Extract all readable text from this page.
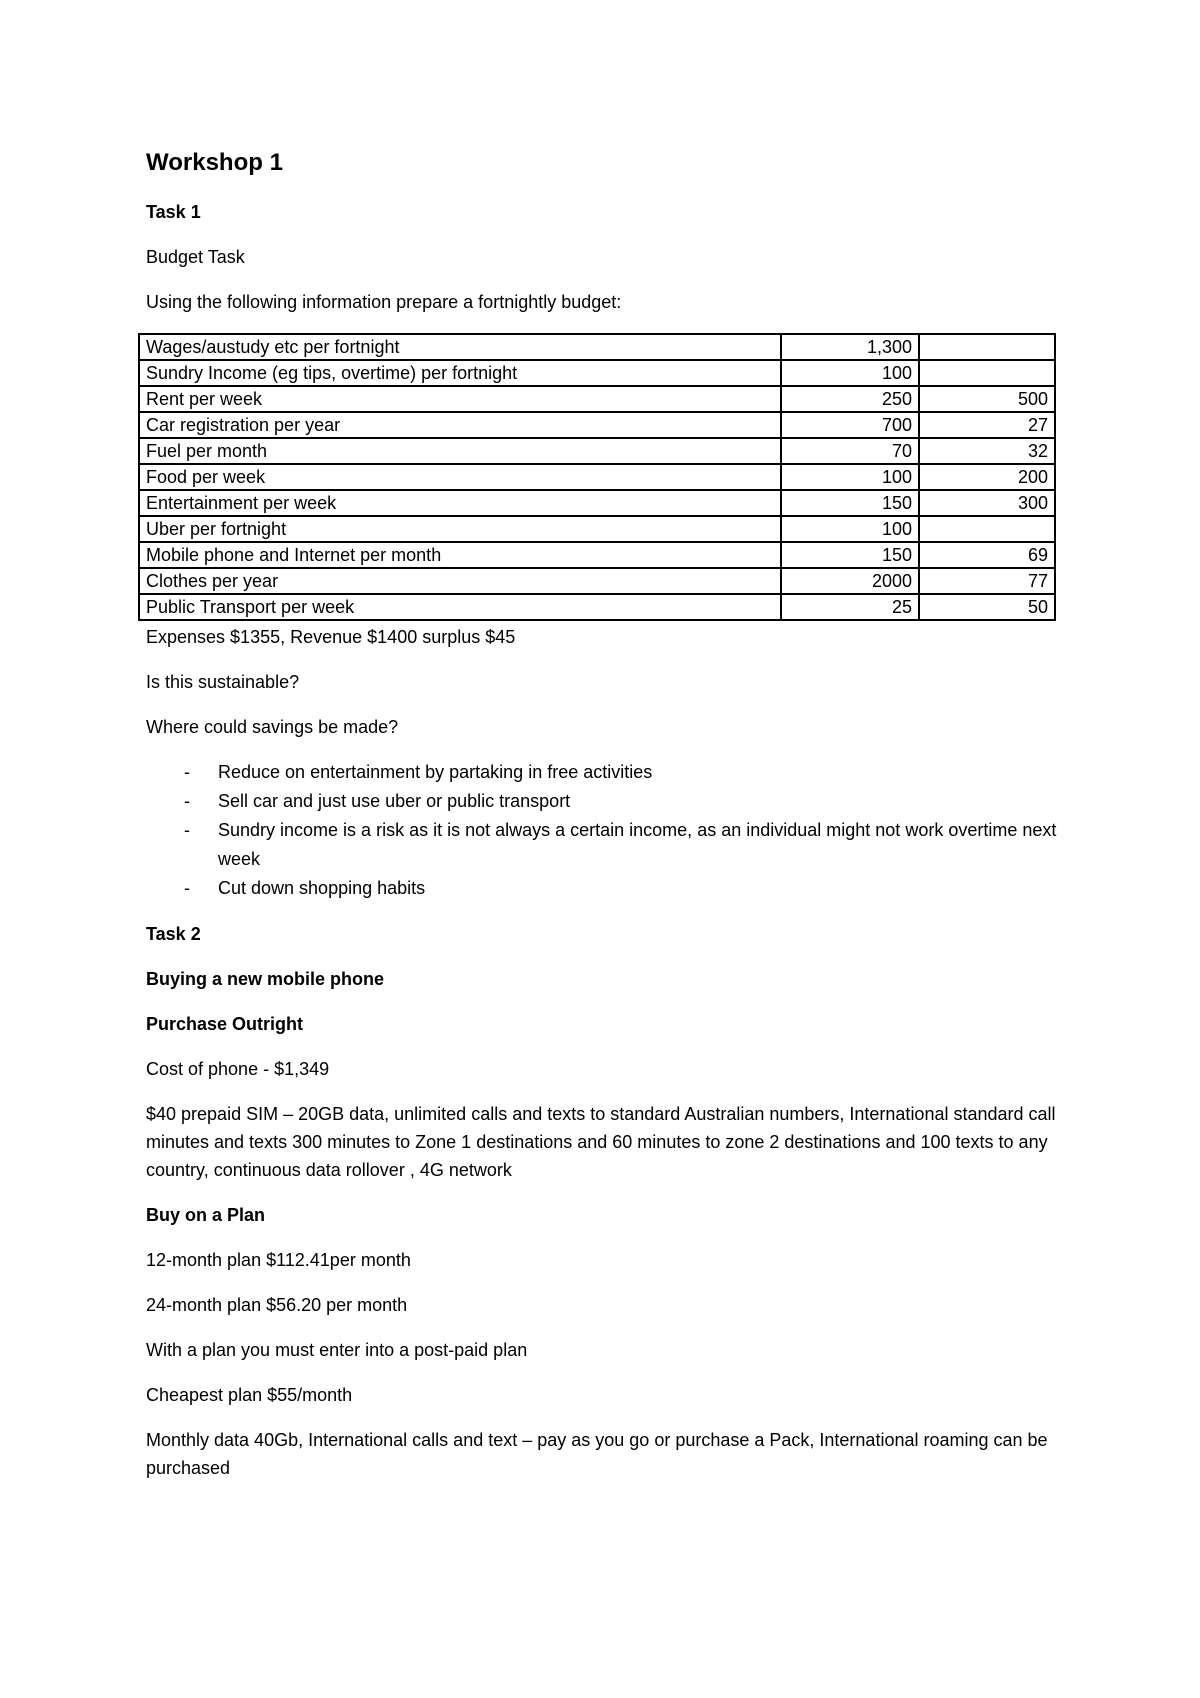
Workshop 1

Task 1

Budget Task

Using the following information prepare a fortnightly budget:

Wages/austudy etc per fortnight	1,300	
Sundry Income (eg tips, overtime) per fortnight	100	
Rent per week	250	500
Car registration per year	700	27
Fuel per month	70	32
Food per week	100	200
Entertainment per week	150	300
Uber per fortnight	100	
Mobile phone and Internet per month	150	69
Clothes per year	2000	77
Public Transport per week	25	50

Expenses $1355, Revenue $1400 surplus $45

Is this sustainable?

Where could savings be made?

- Reduce on entertainment by partaking in free activities
- Sell car and just use uber or public transport
- Sundry income is a risk as it is not always a certain income, as an individual might not work overtime next week
- Cut down shopping habits

Task 2

Buying a new mobile phone

Purchase Outright

Cost of phone - $1,349

$40 prepaid SIM – 20GB data, unlimited calls and texts to standard Australian numbers, International standard call minutes and texts 300 minutes to Zone 1 destinations and 60 minutes to zone 2 destinations and 100 texts to any country, continuous data rollover , 4G network

Buy on a Plan

12-month plan $112.41per month

24-month plan $56.20 per month

With a plan you must enter into a post-paid plan

Cheapest plan $55/month

Monthly data 40Gb, International calls and text – pay as you go or purchase a Pack, International roaming can be purchased
